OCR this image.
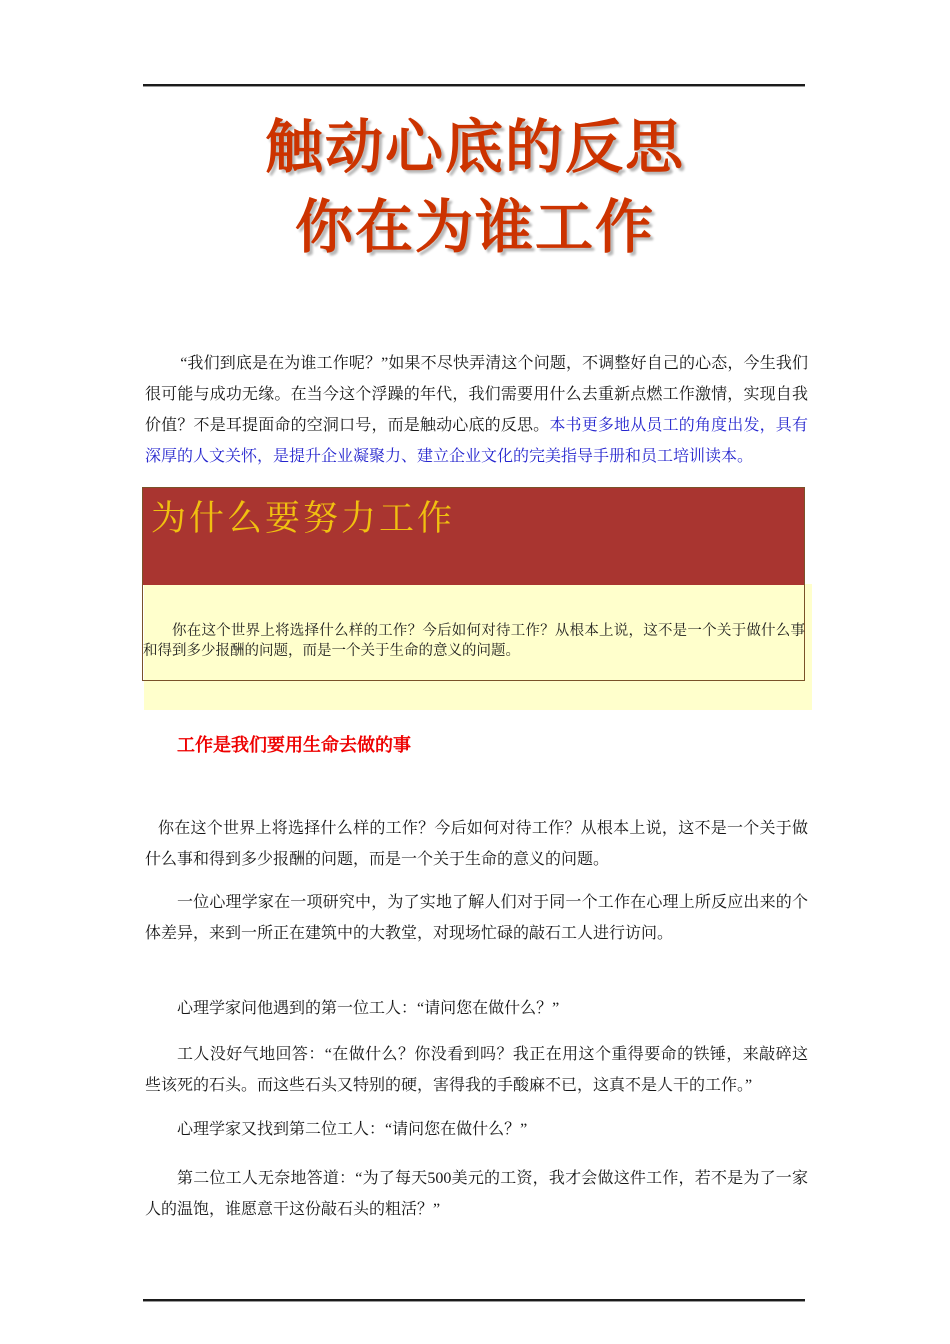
触动心底的反思
你在为谁工作

“我们到底是在为谁工作呢？”如果不尽快弄清这个问题，不调整好自己的心态，今生我们很可能与成功无缘。在当今这个浮躁的年代，我们需要用什么去重新点燃工作激情，实现自我价值？不是耳提面命的空洞口号，而是触动心底的反思。本书更多地从员工的角度出发，具有深厚的人文关怀，是提升企业凝聚力、建立企业文化的完美指导手册和员工培训读本。

为什么要努力工作

你在这个世界上将选择什么样的工作？今后如何对待工作？从根本上说，这不是一个关于做什么事和得到多少报酬的问题，而是一个关于生命的意义的问题。

工作是我们要用生命去做的事

你在这个世界上将选择什么样的工作？今后如何对待工作？从根本上说，这不是一个关于做什么事和得到多少报酬的问题，而是一个关于生命的意义的问题。

一位心理学家在一项研究中，为了实地了解人们对于同一个工作在心理上所反应出来的个体差异，来到一所正在建筑中的大教堂，对现场忙碌的敲石工人进行访问。

心理学家问他遇到的第一位工人：“请问您在做什么？”

工人没好气地回答：“在做什么？你没看到吗？我正在用这个重得要命的铁锤，来敲碎这些该死的石头。而这些石头又特别的硬，害得我的手酸麻不已，这真不是人干的工作。”

心理学家又找到第二位工人：“请问您在做什么？”

第二位工人无奈地答道：“为了每天500美元的工资，我才会做这件工作，若不是为了一家人的温饱，谁愿意干这份敲石头的粗活？”
